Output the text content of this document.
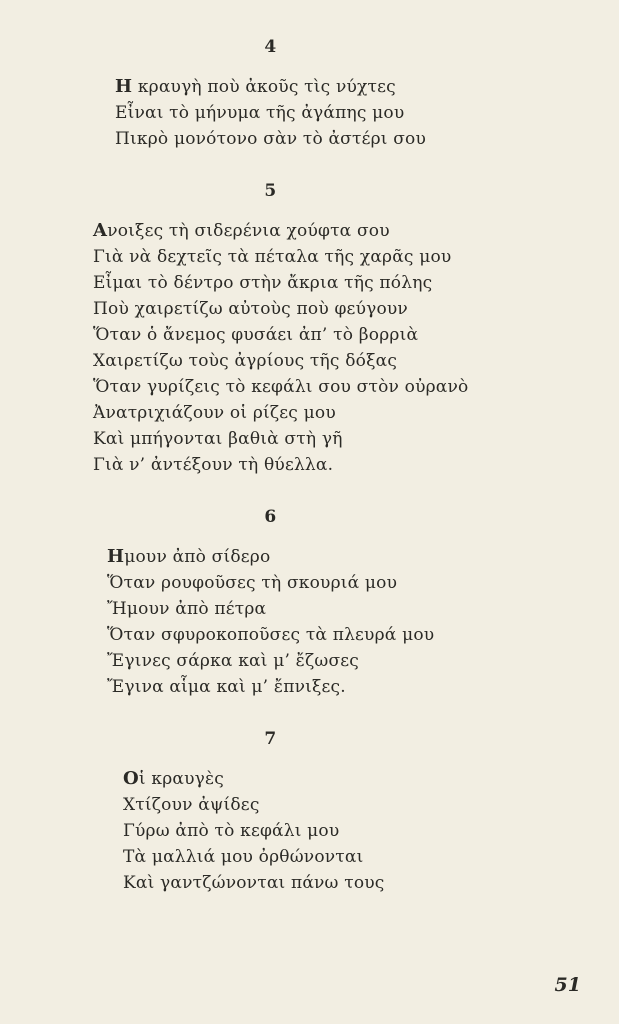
4

Η κραυγὴ ποὺ ἀκοῦς τὶς νύχτες

Εἶναι τὸ μήνυμα τῆς ἀγάπης μου

Πικρὸ μονότονο σὰν τὸ ἀστέρι σου

5

Ανοιξες τὴ σιδερένια χούφτα σου

Γιὰ νὰ δεχτεῖς τὰ πέταλα τῆς χαρᾶς μου

Εἶμαι τὸ δέντρο στὴν ἄκρια τῆς πόλης

Ποὺ χαιρετίζω αὐτοὺς ποὺ φεύγουν

Ὅταν ὁ ἄνεμος φυσάει ἀπ’ τὸ βορριὰ

Χαιρετίζω τοὺς ἀγρίους τῆς δόξας

Ὅταν γυρίζεις τὸ κεφάλι σου στὸν οὐρανὸ

Ἀνατριχιάζουν οἱ ρίζες μου

Καὶ μπήγονται βαθιὰ στὴ γῆ

Γιὰ ν’ ἀντέξουν τὴ θύελλα.

6

Ημουν ἀπὸ σίδερο

Ὅταν ρουφοῦσες τὴ σκουριά μου

Ἤμουν ἀπὸ πέτρα

Ὅταν σφυροκοποῦσες τὰ πλευρά μου

Ἔγινες σάρκα καὶ μ’ ἔζωσες

Ἔγινα αἷμα καὶ μ’ ἔπνιξες.

7

Οἱ κραυγὲς

Χτίζουν ἀψίδες

Γύρω ἀπὸ τὸ κεφάλι μου

Τὰ μαλλιά μου ὀρθώνονται

Καὶ γαντζώνονται πάνω τους

51
